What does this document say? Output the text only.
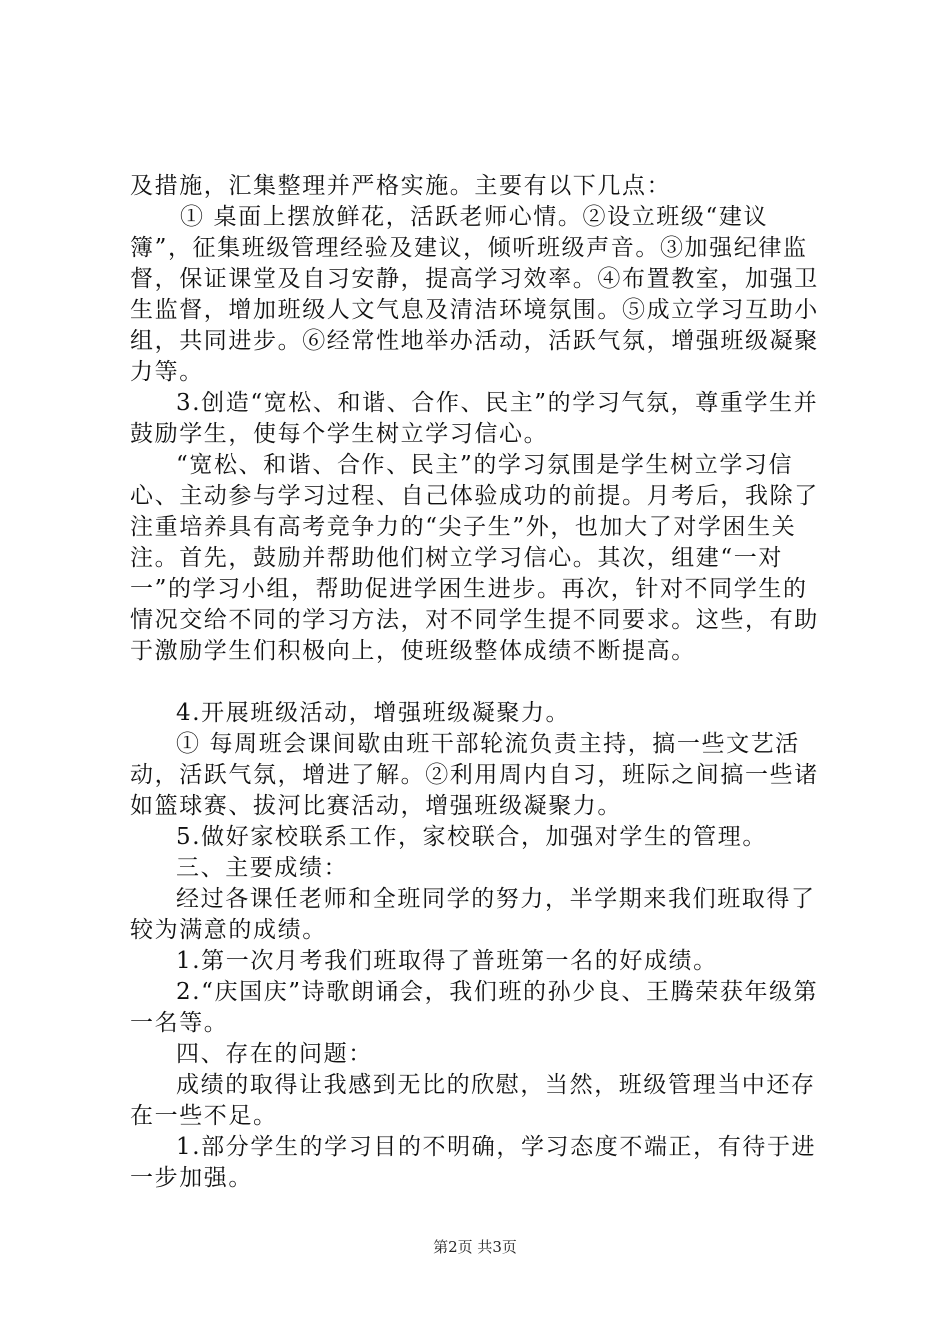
及措施，汇集整理并严格实施。主要有以下几点：

① 桌面上摆放鲜花，活跃老师心情。②设立班级“建议簿”，征集班级管理经验及建议，倾听班级声音。③加强纪律监督，保证课堂及自习安静，提高学习效率。④布置教室，加强卫生监督，增加班级人文气息及清洁环境氛围。⑤成立学习互助小组，共同进步。⑥经常性地举办活动，活跃气氛，增强班级凝聚力等。

3.创造“宽松、和谐、合作、民主”的学习气氛，尊重学生并鼓励学生，使每个学生树立学习信心。

“宽松、和谐、合作、民主”的学习氛围是学生树立学习信心、主动参与学习过程、自己体验成功的前提。月考后，我除了注重培养具有高考竞争力的“尖子生”外，也加大了对学困生关注。首先，鼓励并帮助他们树立学习信心。其次，组建“一对一”的学习小组，帮助促进学困生进步。再次，针对不同学生的情况交给不同的学习方法，对不同学生提不同要求。这些，有助于激励学生们积极向上，使班级整体成绩不断提高。

4.开展班级活动，增强班级凝聚力。

① 每周班会课间歇由班干部轮流负责主持，搞一些文艺活动，活跃气氛，增进了解。②利用周内自习，班际之间搞一些诸如篮球赛、拔河比赛活动，增强班级凝聚力。

5.做好家校联系工作，家校联合，加强对学生的管理。

三、主要成绩：

经过各课任老师和全班同学的努力，半学期来我们班取得了较为满意的成绩。

1.第一次月考我们班取得了普班第一名的好成绩。

2.“庆国庆”诗歌朗诵会，我们班的孙少良、王腾荣获年级第一名等。

四、存在的问题：

成绩的取得让我感到无比的欣慰，当然，班级管理当中还存在一些不足。

1.部分学生的学习目的不明确，学习态度不端正，有待于进一步加强。

第2页 共3页
